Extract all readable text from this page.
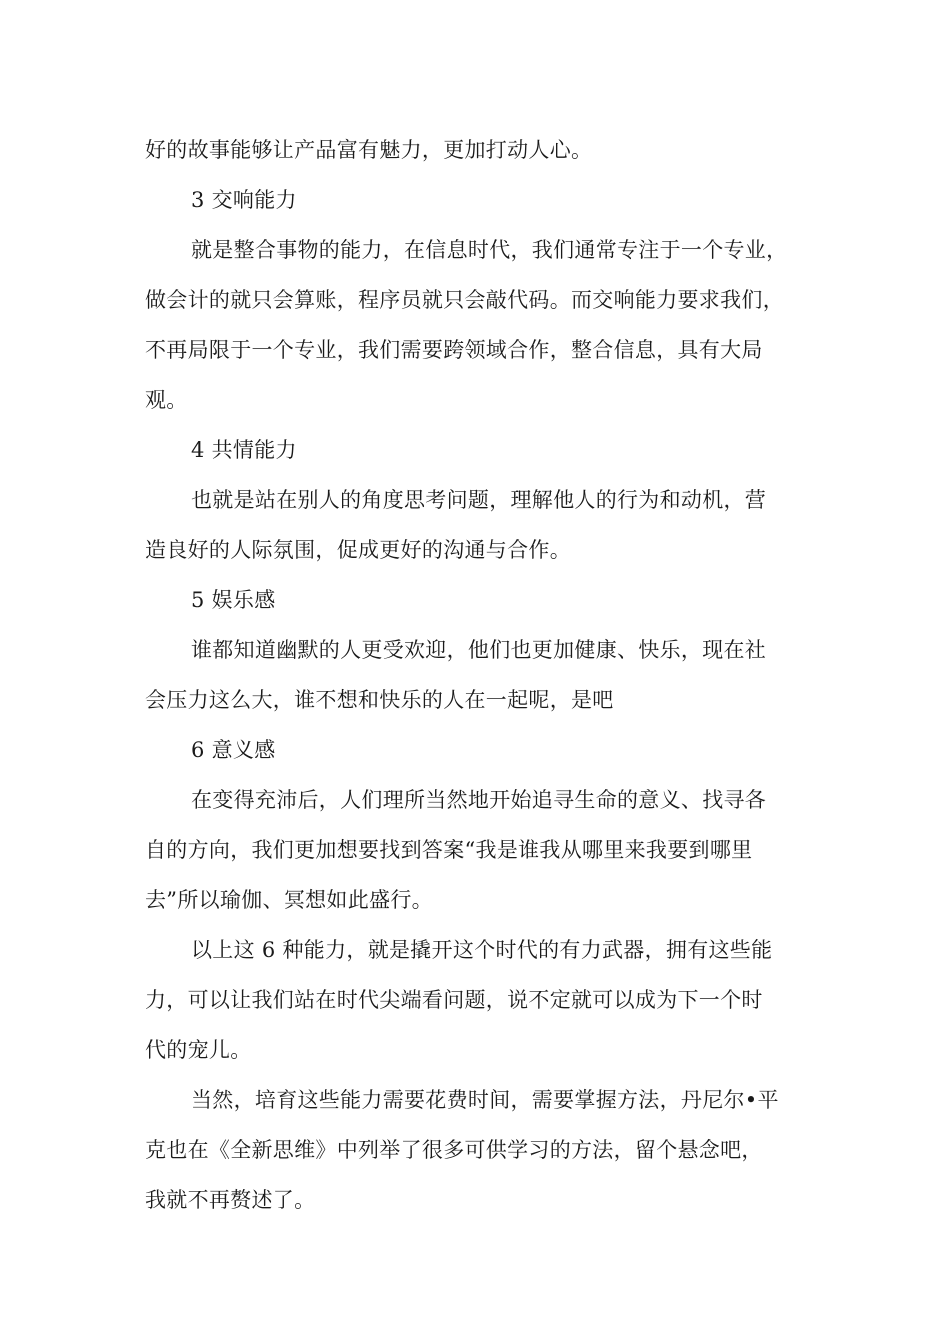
好的故事能够让产品富有魅力，更加打动人心。
3 交响能力
就是整合事物的能力，在信息时代，我们通常专注于一个专业，
做会计的就只会算账，程序员就只会敲代码。而交响能力要求我们，
不再局限于一个专业，我们需要跨领域合作，整合信息，具有大局
观。
4 共情能力
也就是站在别人的角度思考问题，理解他人的行为和动机，营
造良好的人际氛围，促成更好的沟通与合作。
5 娱乐感
谁都知道幽默的人更受欢迎，他们也更加健康、快乐，现在社
会压力这么大，谁不想和快乐的人在一起呢，是吧
6 意义感
在变得充沛后，人们理所当然地开始追寻生命的意义、找寻各
自的方向，我们更加想要找到答案“我是谁我从哪里来我要到哪里
去”所以瑜伽、冥想如此盛行。
以上这 6 种能力，就是撬开这个时代的有力武器，拥有这些能
力，可以让我们站在时代尖端看问题，说不定就可以成为下一个时
代的宠儿。
当然，培育这些能力需要花费时间，需要掌握方法，丹尼尔•平
克也在《全新思维》中列举了很多可供学习的方法，留个悬念吧，
我就不再赘述了。
